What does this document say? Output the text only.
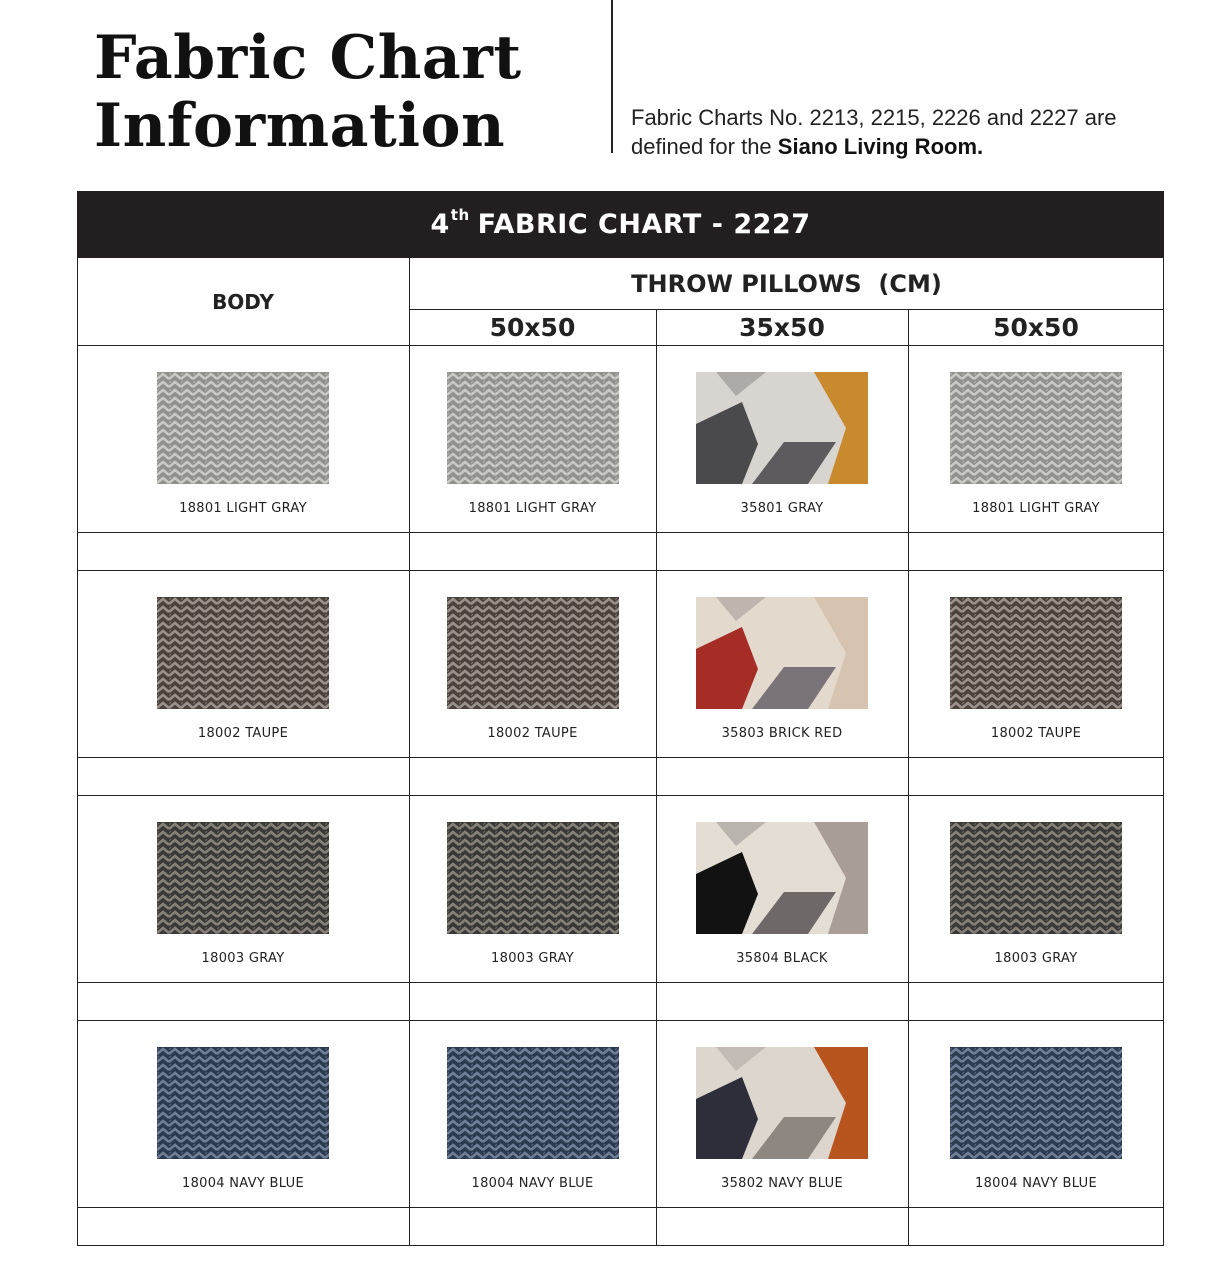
Fabric Chart
Information	Fabric Charts No. 2213, 2215, 2226 and 2227 are defined for the Siano Living Room.

4th FABRIC CHART - 2227
BODY
THROW PILLOWS  (CM)
50x50	35x50	50x50
18801 LIGHT GRAY	18801 LIGHT GRAY	35801 GRAY	18801 LIGHT GRAY
18002 TAUPE	18002 TAUPE	35803 BRICK RED	18002 TAUPE
18003 GRAY	18003 GRAY	35804 BLACK	18003 GRAY
18004 NAVY BLUE	18004 NAVY BLUE	35802 NAVY BLUE	18004 NAVY BLUE
